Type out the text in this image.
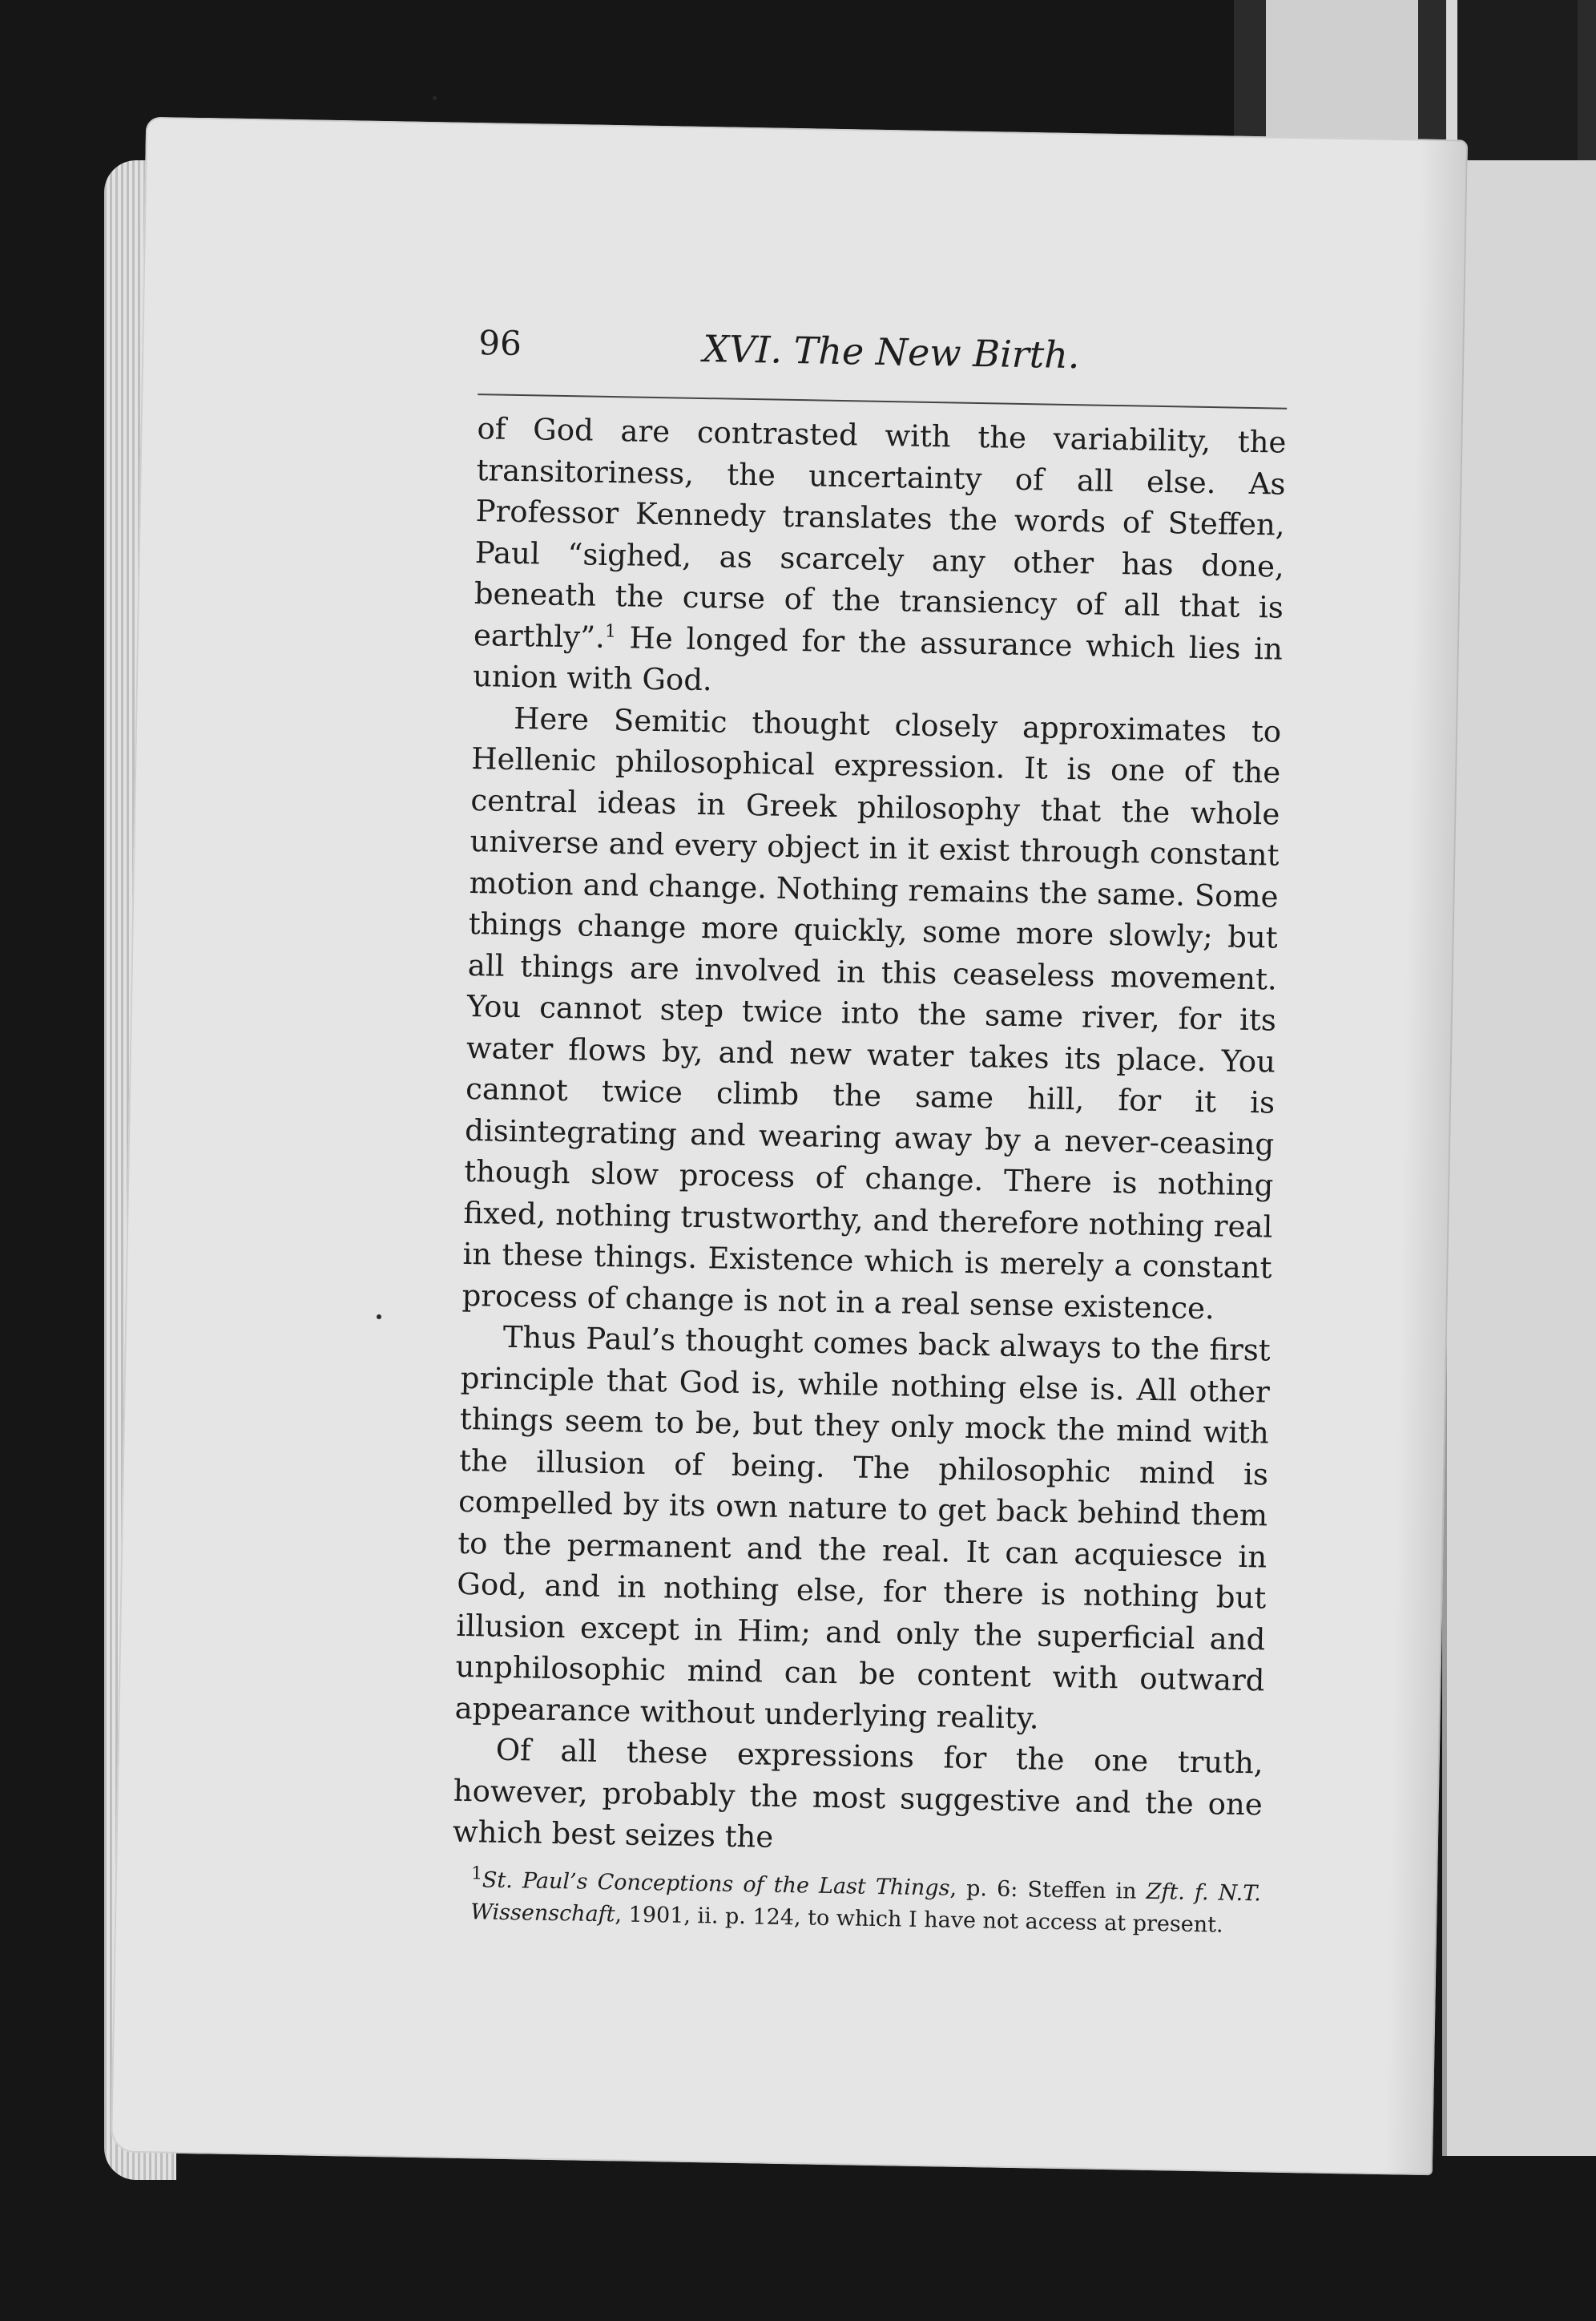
96	XVI. The New Birth.

of God are contrasted with the variability, the transitoriness, the uncertainty of all else. As Professor Kennedy translates the words of Steffen, Paul “sighed, as scarcely any other has done, beneath the curse of the transiency of all that is earthly”.$^1$ He longed for the assurance which lies in union with God.

Here Semitic thought closely approximates to Hellenic philosophical expression. It is one of the central ideas in Greek philosophy that the whole universe and every object in it exist through constant motion and change. Nothing remains the same. Some things change more quickly, some more slowly; but all things are involved in this ceaseless movement. You cannot step twice into the same river, for its water flows by, and new water takes its place. You cannot twice climb the same hill, for it is disintegrating and wearing away by a never-ceasing though slow process of change. There is nothing fixed, nothing trustworthy, and therefore nothing real in these things. Existence which is merely a constant process of change is not in a real sense existence.

Thus Paul’s thought comes back always to the first principle that God is, while nothing else is. All other things seem to be, but they only mock the mind with the illusion of being. The philosophic mind is compelled by its own nature to get back behind them to the permanent and the real. It can acquiesce in God, and in nothing else, for there is nothing but illusion except in Him; and only the superficial and unphilosophic mind can be content with outward appearance without underlying reality.

Of all these expressions for the one truth, however, probably the most suggestive and the one which best seizes the

$^1$St. Paul’s Conceptions of the Last Things, p. 6: Steffen in Zft. f. N.T. Wissenschaft, 1901, ii. p. 124, to which I have not access at present.
